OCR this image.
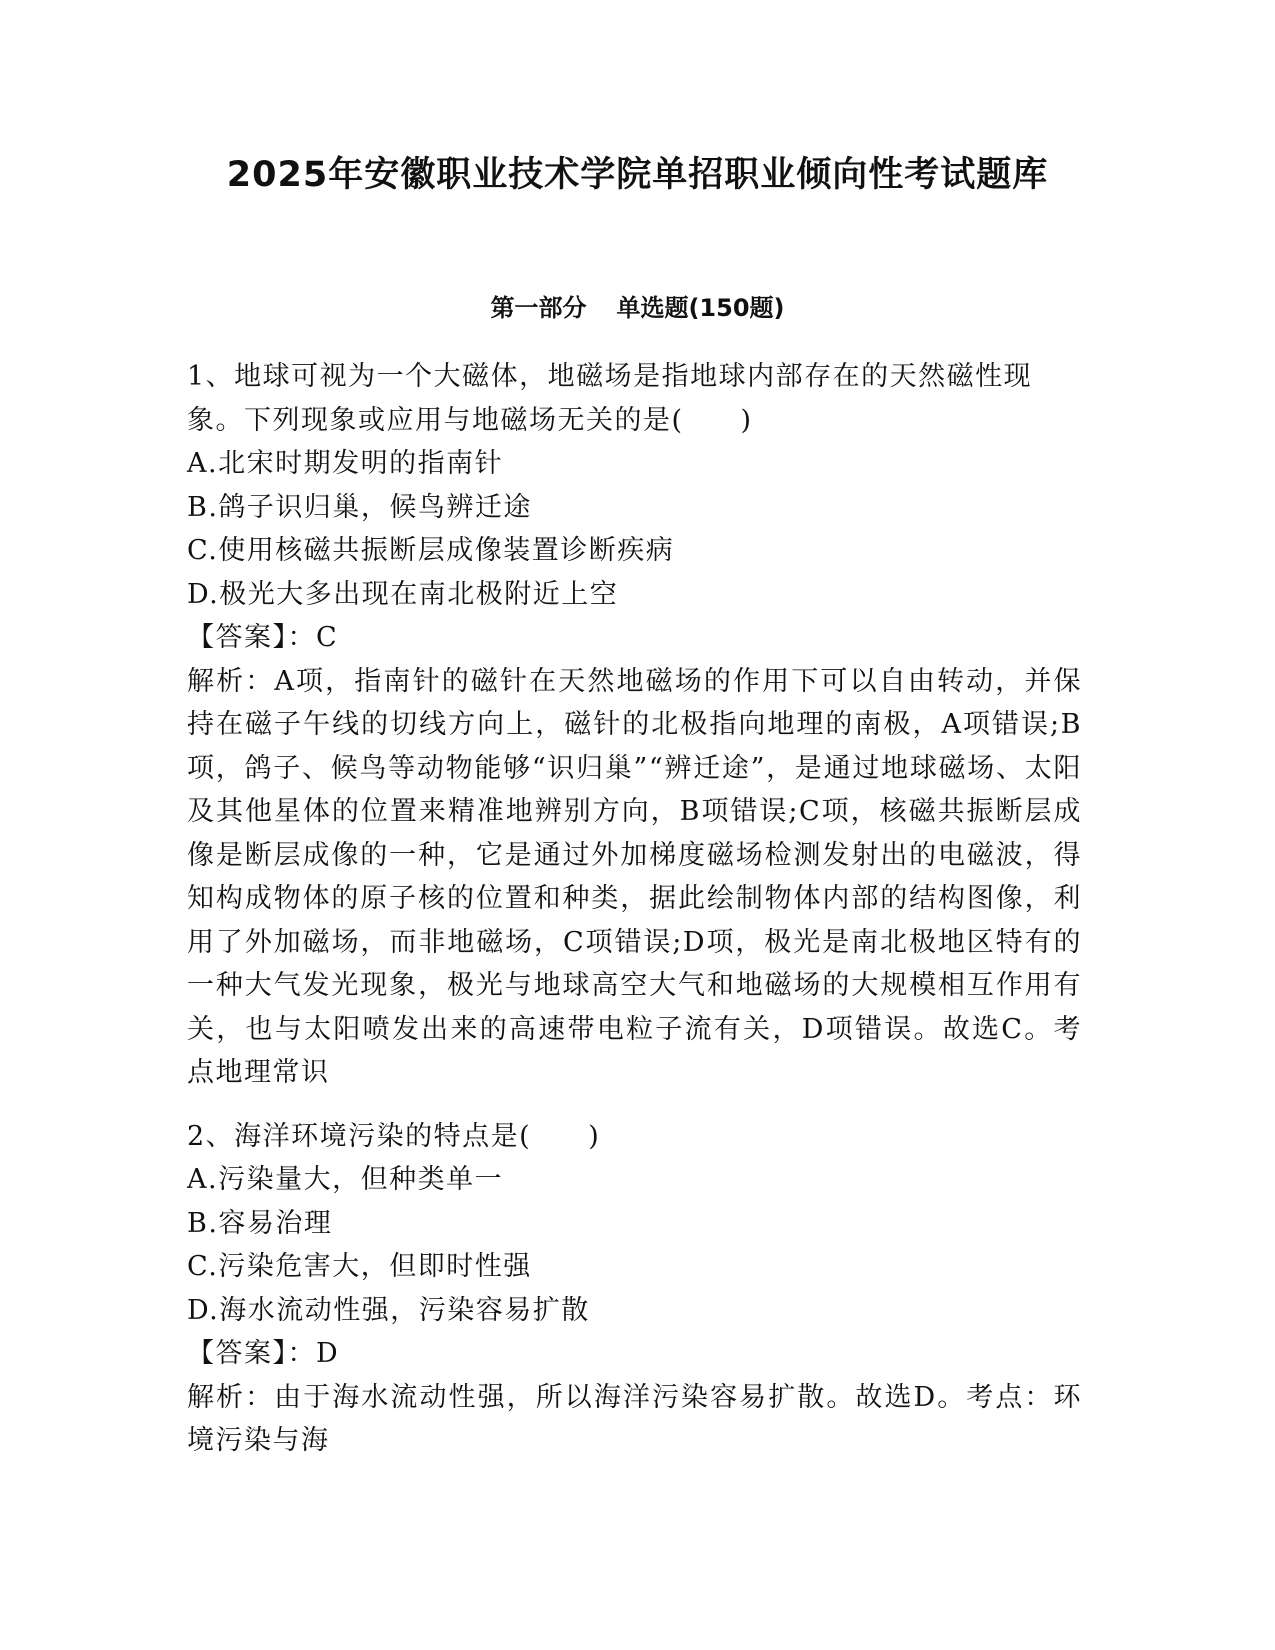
2025年安徽职业技术学院单招职业倾向性考试题库
第一部分 单选题(150题)

1、地球可视为一个大磁体，地磁场是指地球内部存在的天然磁性现象。下列现象或应用与地磁场无关的是(　　)

A.北宋时期发明的指南针

B.鸽子识归巢，候鸟辨迁途

C.使用核磁共振断层成像装置诊断疾病

D.极光大多出现在南北极附近上空

【答案】：C

解析：A项，指南针的磁针在天然地磁场的作用下可以自由转动，并保持在磁子午线的切线方向上，磁针的北极指向地理的南极，A项错误;B项，鸽子、候鸟等动物能够“识归巢”“辨迁途”，是通过地球磁场、太阳及其他星体的位置来精准地辨别方向，B项错误;C项，核磁共振断层成像是断层成像的一种，它是通过外加梯度磁场检测发射出的电磁波，得知构成物体的原子核的位置和种类，据此绘制物体内部的结构图像，利用了外加磁场，而非地磁场，C项错误;D项，极光是南北极地区特有的一种大气发光现象，极光与地球高空大气和地磁场的大规模相互作用有关，也与太阳喷发出来的高速带电粒子流有关，D项错误。故选C。考点地理常识

2、海洋环境污染的特点是(　　)

A.污染量大，但种类单一

B.容易治理

C.污染危害大，但即时性强

D.海水流动性强，污染容易扩散

【答案】：D

解析：由于海水流动性强，所以海洋污染容易扩散。故选D。考点：环境污染与海
